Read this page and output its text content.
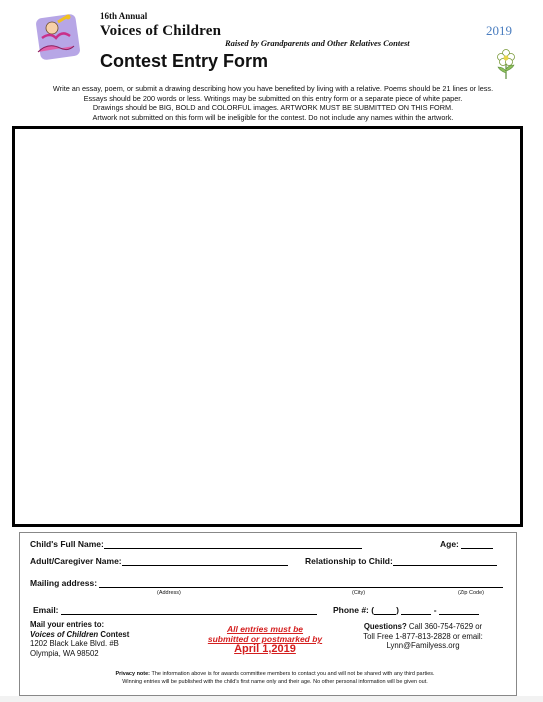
16th Annual
Voices of Children
Raised by Grandparents and Other Relatives Contest
Contest Entry Form
2019
Write an essay, poem, or submit a drawing describing how you have benefited by living with a relative. Poems should be 21 lines or less.
Essays should be 200 words or less. Writings may be submitted on this entry form or a separate piece of white paper.
Drawings should be BIG, BOLD and COLORFUL images. ARTWORK MUST BE SUBMITTED ON THIS FORM.
Artwork not submitted on this form will be ineligible for the contest. Do not include any names within the artwork.
Child's Full Name:	Age:
Adult/Caregiver Name:	Relationship to Child:
Mailing address:
(Address)	(City)	(Zip Code)
Email:	Phone #: (	)	-
Mail your entries to:
Voices of Children Contest
1202 Black Lake Blvd. #B
Olympia, WA 98502
All entries must be
submitted or postmarked by
April 1,2019
Questions? Call 360-754-7629 or
Toll Free 1-877-813-2828 or email:
Lynn@Familyess.org
Privacy note: The information above is for awards committee members to contact you and will not be shared with any third parties.
Winning entries will be published with the child's first name only and their age. No other personal information will be given out.
